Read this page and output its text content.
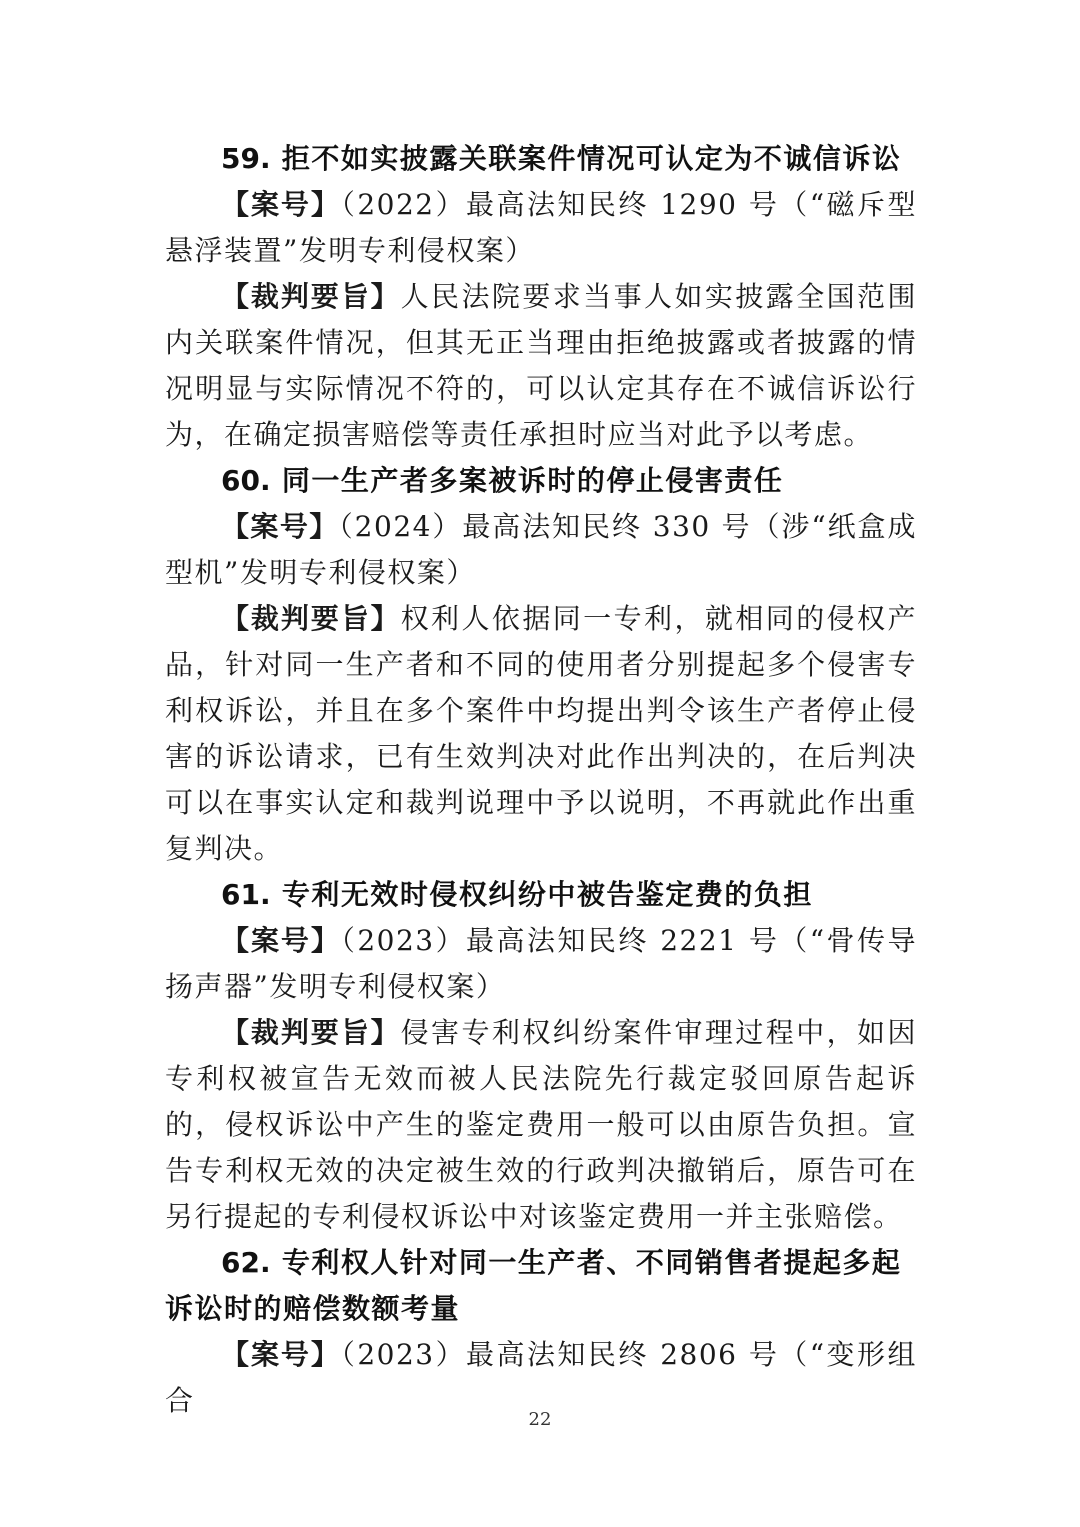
59. 拒不如实披露关联案件情况可认定为不诚信诉讼

【案号】（2022）最高法知民终 1290 号（“磁斥型悬浮装置”发明专利侵权案）

【裁判要旨】人民法院要求当事人如实披露全国范围内关联案件情况，但其无正当理由拒绝披露或者披露的情况明显与实际情况不符的，可以认定其存在不诚信诉讼行为，在确定损害赔偿等责任承担时应当对此予以考虑。

60. 同一生产者多案被诉时的停止侵害责任

【案号】（2024）最高法知民终 330 号（涉“纸盒成型机”发明专利侵权案）

【裁判要旨】权利人依据同一专利，就相同的侵权产品，针对同一生产者和不同的使用者分别提起多个侵害专利权诉讼，并且在多个案件中均提出判令该生产者停止侵害的诉讼请求，已有生效判决对此作出判决的，在后判决可以在事实认定和裁判说理中予以说明，不再就此作出重复判决。

61. 专利无效时侵权纠纷中被告鉴定费的负担

【案号】（2023）最高法知民终 2221 号（“骨传导扬声器”发明专利侵权案）

【裁判要旨】侵害专利权纠纷案件审理过程中，如因专利权被宣告无效而被人民法院先行裁定驳回原告起诉的，侵权诉讼中产生的鉴定费用一般可以由原告负担。宣告专利权无效的决定被生效的行政判决撤销后，原告可在另行提起的专利侵权诉讼中对该鉴定费用一并主张赔偿。

62. 专利权人针对同一生产者、不同销售者提起多起诉讼时的赔偿数额考量

【案号】（2023）最高法知民终 2806 号（“变形组合

22
